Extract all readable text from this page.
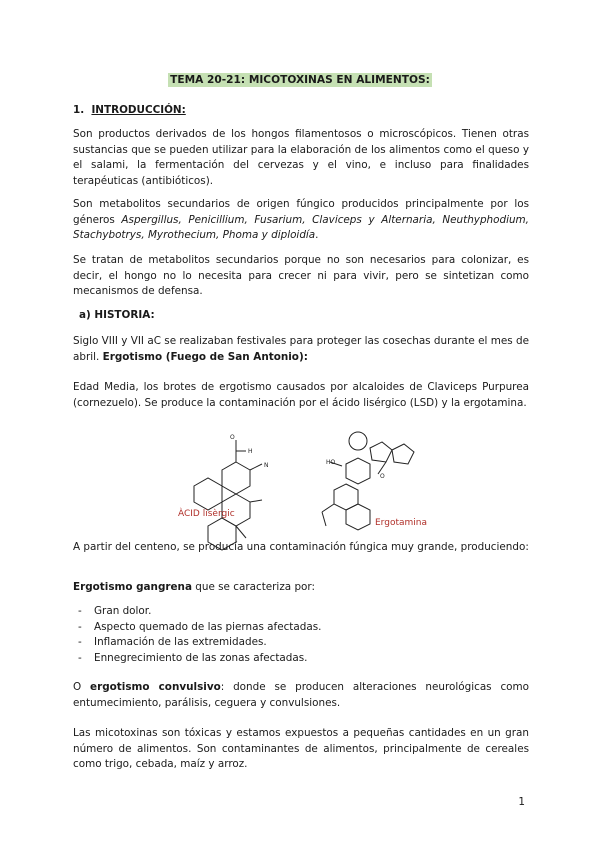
TEMA 20-21: MICOTOXINAS EN ALIMENTOS:
1. INTRODUCCIÓN:
Son productos derivados de los hongos filamentosos o microscópicos. Tienen otras sustancias que se pueden utilizar para la elaboración de los alimentos como el queso y el salami, la fermentación del cervezas y el vino, e incluso para finalidades terapéuticas (antibióticos).
Son metabolitos secundarios de origen fúngico producidos principalmente por los géneros Aspergillus, Penicillium, Fusarium, Claviceps y Alternaria, Neuthyphodium, Stachybotrys, Myrothecium, Phoma y diploidía.
Se tratan de metabolitos secundarios porque no son necesarios para colonizar, es decir, el hongo no lo necesita para crecer ni para vivir, pero se sintetizan como mecanismos de defensa.
a) HISTORIA:
Siglo VIII y VII aC se realizaban festivales para proteger las cosechas durante el mes de abril. Ergotismo (Fuego de San Antonio):
Edad Media, los brotes de ergotismo causados por alcaloides de Claviceps Purpurea (cornezuelo). Se produce la contaminación por el ácido lisérgico (LSD) y la ergotamina.
O
H
N	HO
O
ÀCID lisèrgic
Ergotamina
A partir del centeno, se producía una contaminación fúngica muy grande, produciendo:
Ergotismo gangrena que se caracteriza por:
- Gran dolor.
- Aspecto quemado de las piernas afectadas.
- Inflamación de las extremidades.
- Ennegrecimiento de las zonas afectadas.
O ergotismo convulsivo: donde se producen alteraciones neurológicas como entumecimiento, parálisis, ceguera y convulsiones.
Las micotoxinas son tóxicas y estamos expuestos a pequeñas cantidades en un gran número de alimentos. Son contaminantes de alimentos, principalmente de cereales como trigo, cebada, maíz y arroz.
1
